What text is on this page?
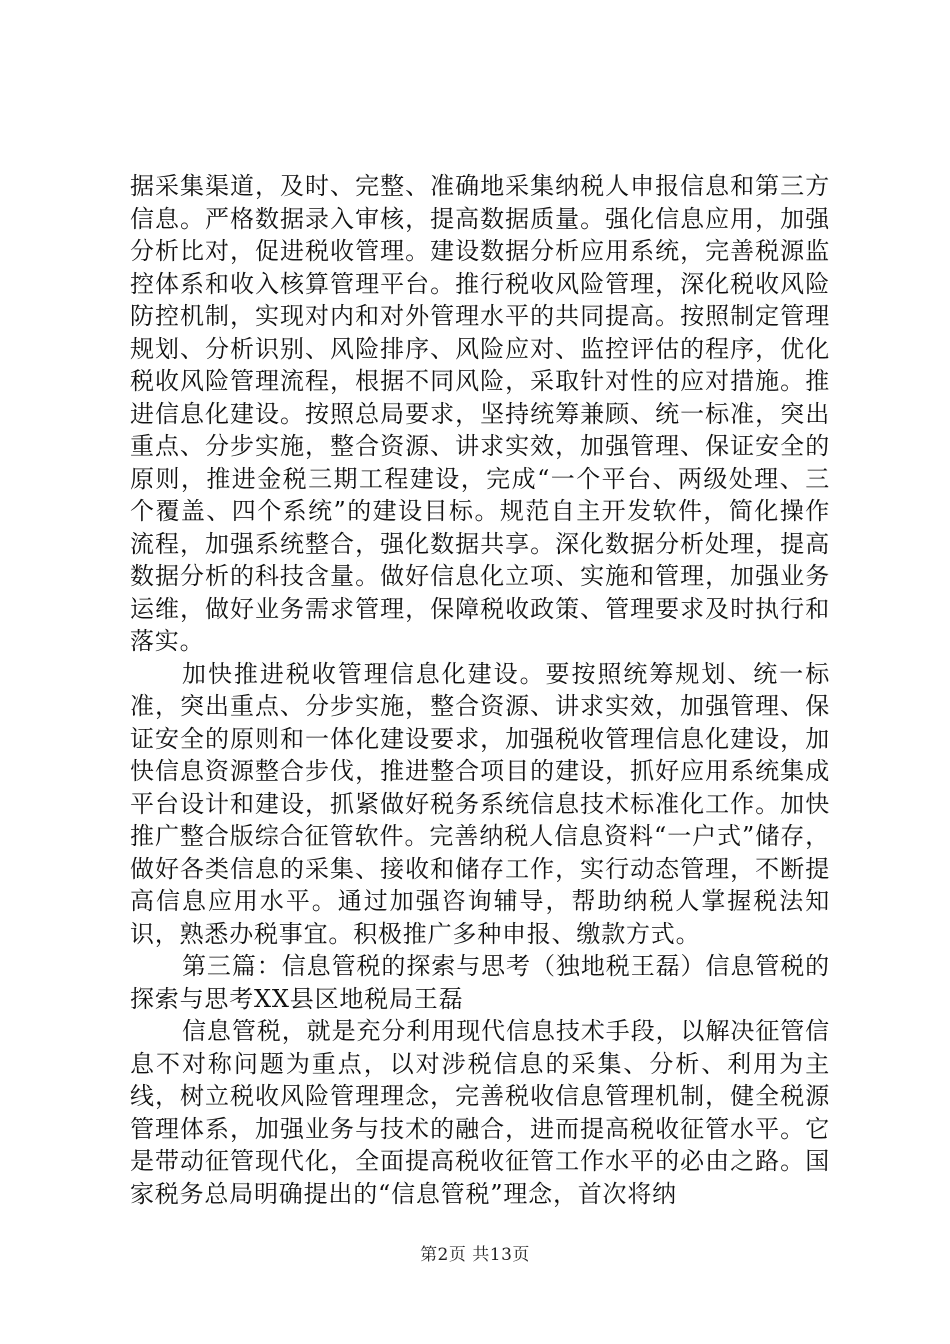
据采集渠道，及时、完整、准确地采集纳税人申报信息和第三方信息。严格数据录入审核，提高数据质量。强化信息应用，加强分析比对，促进税收管理。建设数据分析应用系统，完善税源监控体系和收入核算管理平台。推行税收风险管理，深化税收风险防控机制，实现对内和对外管理水平的共同提高。按照制定管理规划、分析识别、风险排序、风险应对、监控评估的程序，优化税收风险管理流程，根据不同风险，采取针对性的应对措施。推进信息化建设。按照总局要求，坚持统筹兼顾、统一标准，突出重点、分步实施，整合资源、讲求实效，加强管理、保证安全的原则，推进金税三期工程建设，完成“一个平台、两级处理、三个覆盖、四个系统”的建设目标。规范自主开发软件，简化操作流程，加强系统整合，强化数据共享。深化数据分析处理，提高数据分析的科技含量。做好信息化立项、实施和管理，加强业务运维，做好业务需求管理，保障税收政策、管理要求及时执行和落实。

加快推进税收管理信息化建设。要按照统筹规划、统一标准，突出重点、分步实施，整合资源、讲求实效，加强管理、保证安全的原则和一体化建设要求，加强税收管理信息化建设，加快信息资源整合步伐，推进整合项目的建设，抓好应用系统集成平台设计和建设，抓紧做好税务系统信息技术标准化工作。加快推广整合版综合征管软件。完善纳税人信息资料“一户式”储存，做好各类信息的采集、接收和储存工作，实行动态管理，不断提高信息应用水平。通过加强咨询辅导，帮助纳税人掌握税法知识，熟悉办税事宜。积极推广多种申报、缴款方式。

第三篇：信息管税的探索与思考（独地税王磊）信息管税的探索与思考XX县区地税局王磊

信息管税，就是充分利用现代信息技术手段，以解决征管信息不对称问题为重点，以对涉税信息的采集、分析、利用为主线，树立税收风险管理理念，完善税收信息管理机制，健全税源管理体系，加强业务与技术的融合，进而提高税收征管水平。它是带动征管现代化，全面提高税收征管工作水平的必由之路。国家税务总局明确提出的“信息管税”理念，首次将纳

第2页 共13页
